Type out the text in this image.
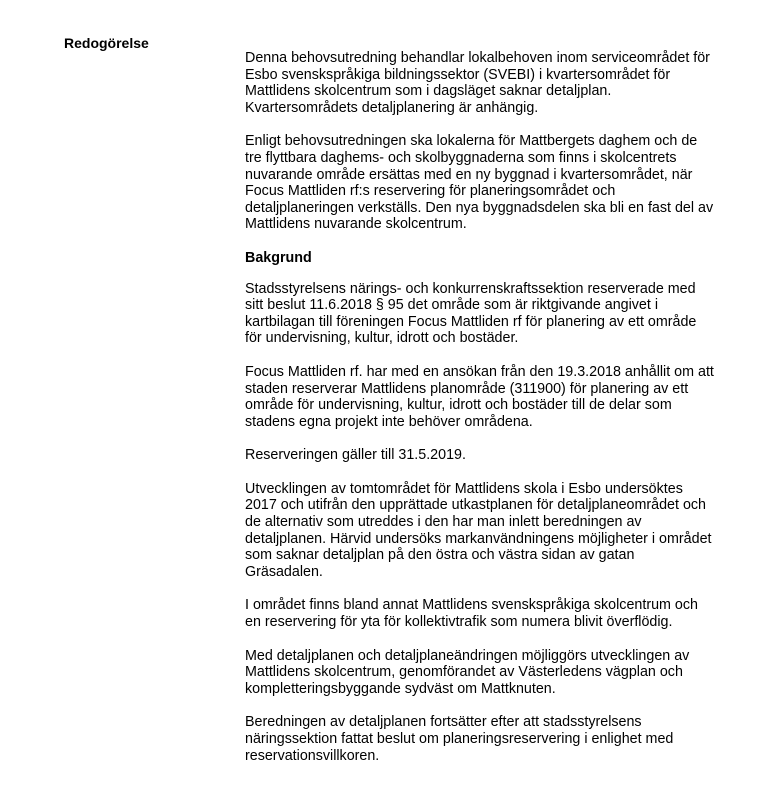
Redogörelse

Denna behovsutredning behandlar lokalbehoven inom serviceområdet för Esbo svenskspråkiga bildningssektor (SVEBI) i kvartersområdet för Mattlidens skolcentrum som i dagsläget saknar detaljplan. Kvartersområdets detaljplanering är anhängig.

Enligt behovsutredningen ska lokalerna för Mattbergets daghem och de tre flyttbara daghems- och skolbyggnaderna som finns i skolcentrets nuvarande område ersättas med en ny byggnad i kvartersområdet, när Focus Mattliden rf:s reservering för planeringsområdet och detaljplaneringen verkställs. Den nya byggnadsdelen ska bli en fast del av Mattlidens nuvarande skolcentrum.

Bakgrund

Stadsstyrelsens närings- och konkurrenskraftssektion reserverade med sitt beslut 11.6.2018 § 95 det område som är riktgivande angivet i kartbilagan till föreningen Focus Mattliden rf för planering av ett område för undervisning, kultur, idrott och bostäder.

Focus Mattliden rf. har med en ansökan från den 19.3.2018 anhållit om att staden reserverar Mattlidens planområde (311900) för planering av ett område för undervisning, kultur, idrott och bostäder till de delar som stadens egna projekt inte behöver områdena.

Reserveringen gäller till 31.5.2019.

Utvecklingen av tomtområdet för Mattlidens skola i Esbo undersöktes 2017 och utifrån den upprättade utkastplanen för detaljplaneområdet och de alternativ som utreddes i den har man inlett beredningen av detaljplanen. Härvid undersöks markanvändningens möjligheter i området som saknar detaljplan på den östra och västra sidan av gatan Gräsadalen.

I området finns bland annat Mattlidens svenskspråkiga skolcentrum och en reservering för yta för kollektivtrafik som numera blivit överflödig.

Med detaljplanen och detaljplaneändringen möjliggörs utvecklingen av Mattlidens skolcentrum, genomförandet av Västerledens vägplan och kompletteringsbyggande sydväst om Mattknuten.

Beredningen av detaljplanen fortsätter efter att stadsstyrelsens näringssektion fattat beslut om planeringsreservering i enlighet med reservationsvillkoren.
